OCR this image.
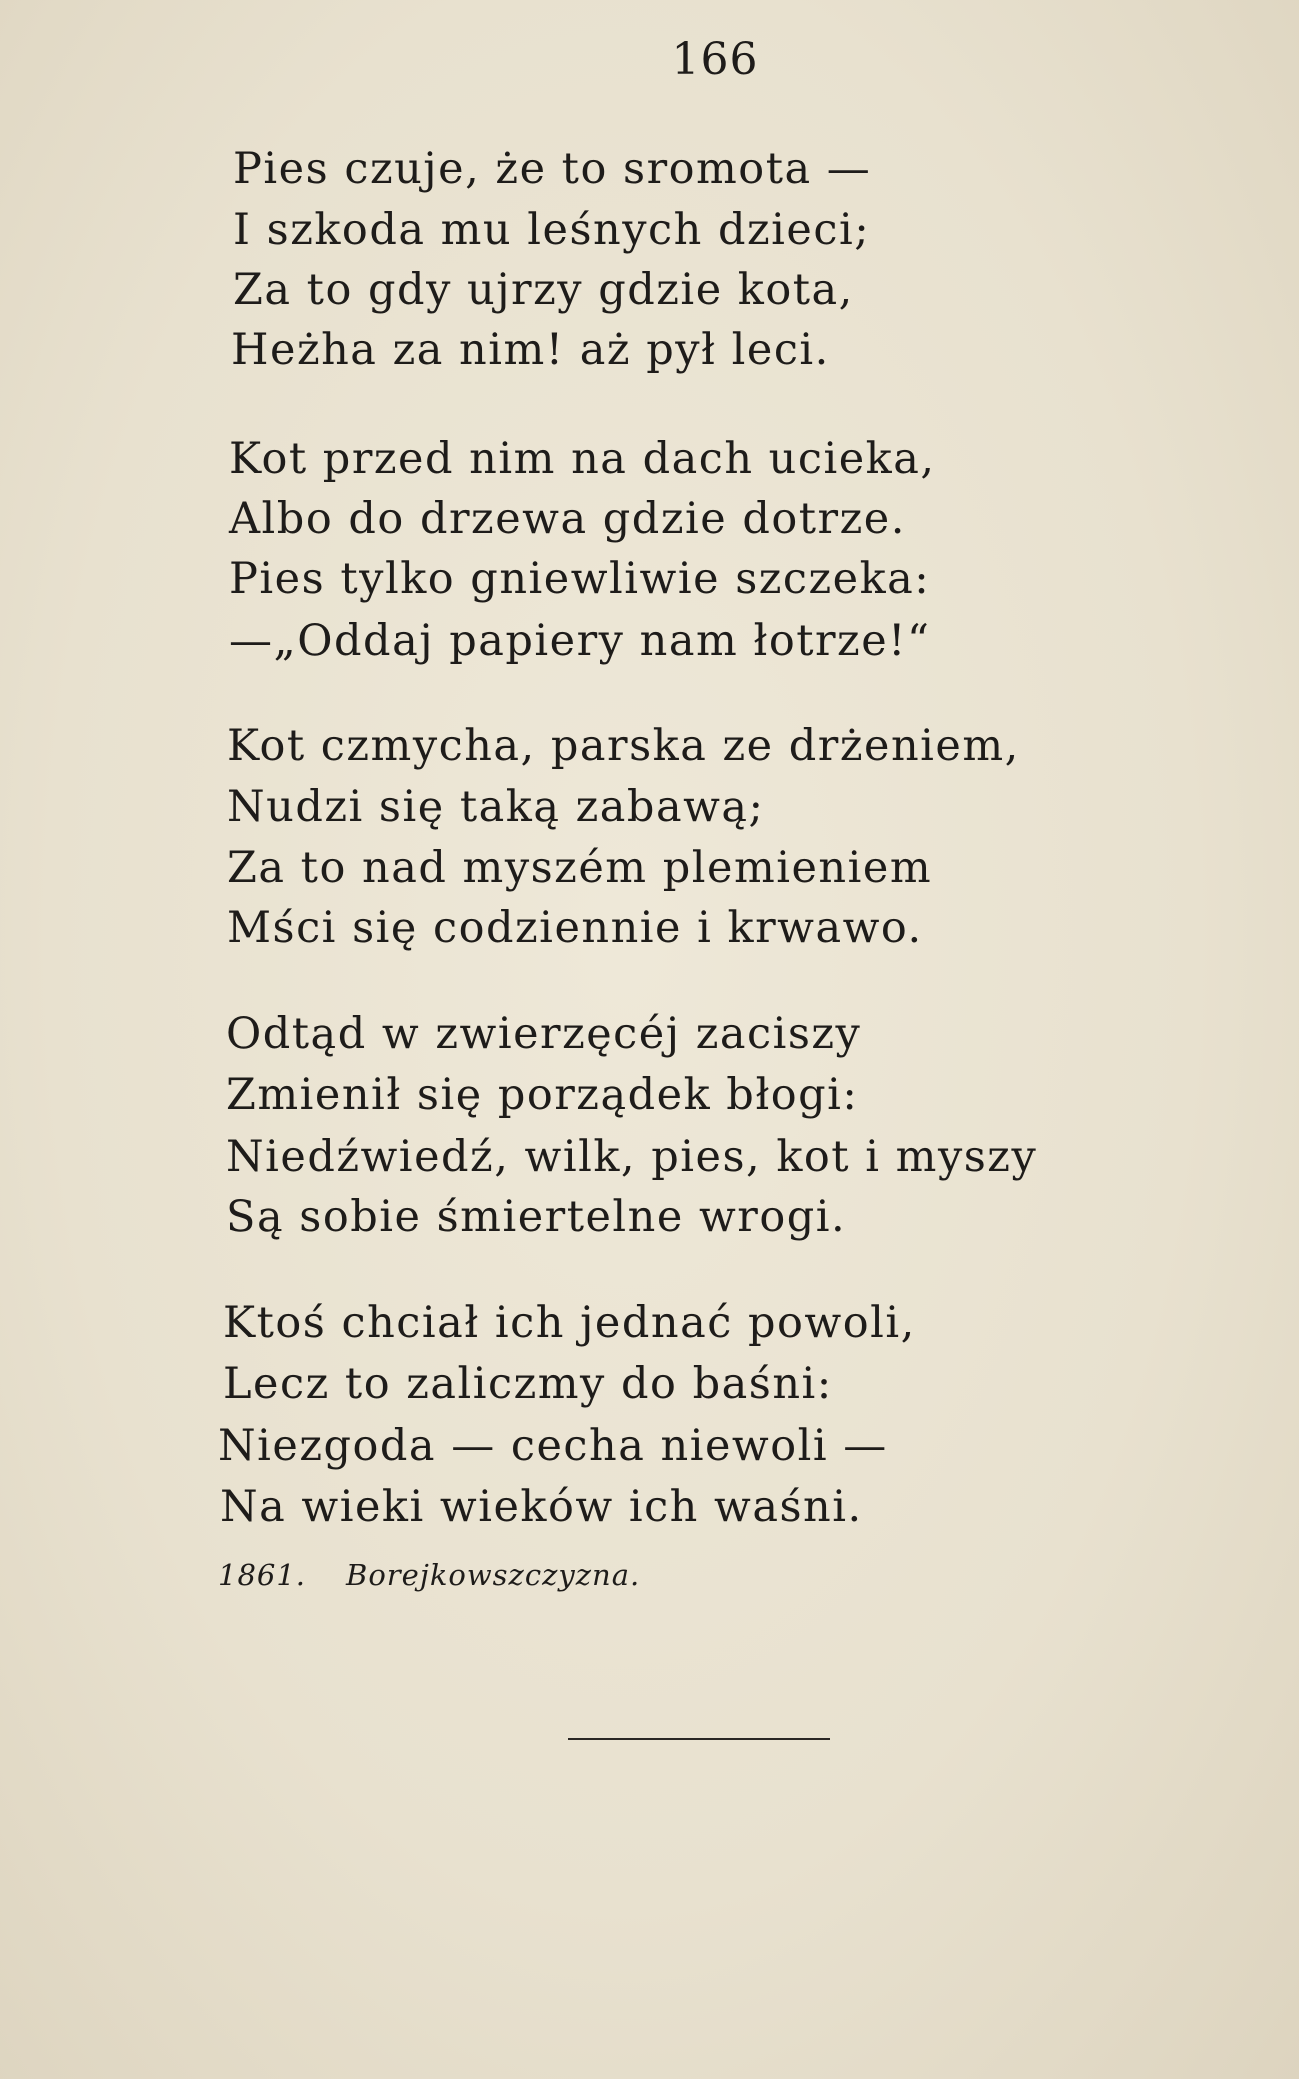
166
Pies czuje, że to sromota —
I szkoda mu leśnych dzieci;
Za to gdy ujrzy gdzie kota,
Heżha za nim! aż pył leci.
Kot przed nim na dach ucieka,
Albo do drzewa gdzie dotrze.
Pies tylko gniewliwie szczeka:
—„Oddaj papiery nam łotrze!“
Kot czmycha, parska ze drżeniem,
Nudzi się taką zabawą;
Za to nad myszém plemieniem
Mści się codziennie i krwawo.
Odtąd w zwierzęcéj zaciszy
Zmienił się porządek błogi:
Niedźwiedź, wilk, pies, kot i myszy
Są sobie śmiertelne wrogi.
Ktoś chciał ich jednać powoli,
Lecz to zaliczmy do baśni:
Niezgoda — cecha niewoli —
Na wieki wieków ich waśni.
1861. Borejkowszczyzna.
